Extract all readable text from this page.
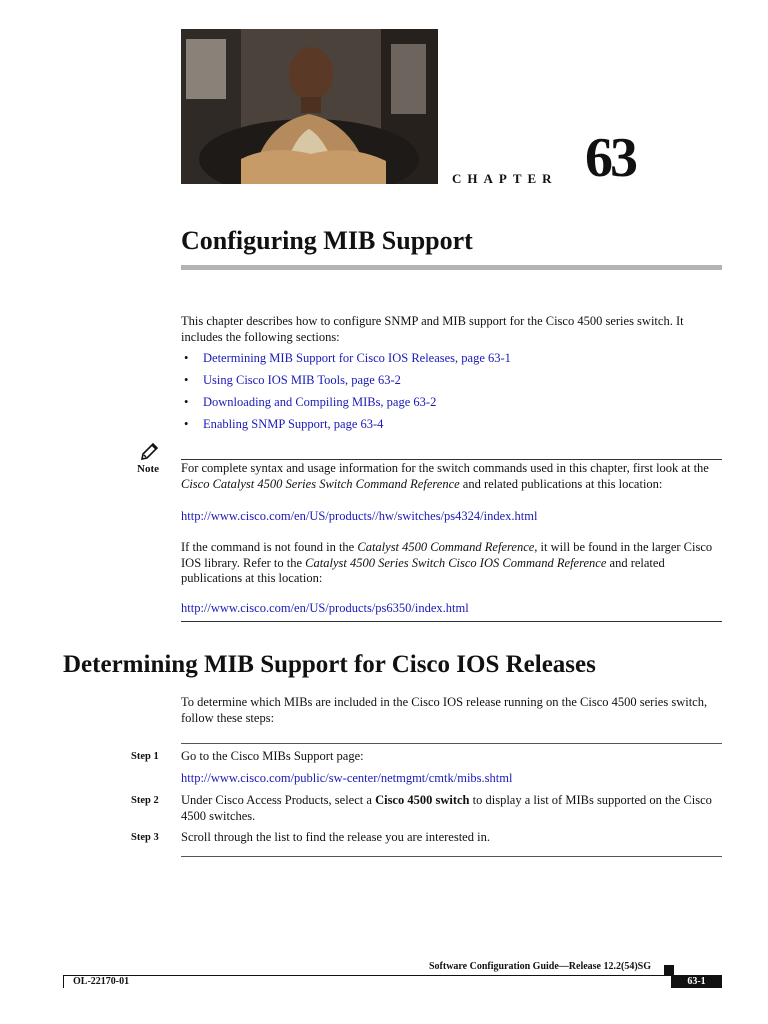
CHAPTER 63
Configuring MIB Support

This chapter describes how to configure SNMP and MIB support for the Cisco 4500 series switch. It includes the following sections:

• Determining MIB Support for Cisco IOS Releases, page 63-1
• Using Cisco IOS MIB Tools, page 63-2
• Downloading and Compiling MIBs, page 63-2
• Enabling SNMP Support, page 63-4
Note For complete syntax and usage information for the switch commands used in this chapter, first look at the Cisco Catalyst 4500 Series Switch Command Reference and related publications at this location:

http://www.cisco.com/en/US/products//hw/switches/ps4324/index.html

If the command is not found in the Catalyst 4500 Command Reference, it will be found in the larger Cisco IOS library. Refer to the Catalyst 4500 Series Switch Cisco IOS Command Reference and related publications at this location:

http://www.cisco.com/en/US/products/ps6350/index.html

Determining MIB Support for Cisco IOS Releases

To determine which MIBs are included in the Cisco IOS release running on the Cisco 4500 series switch, follow these steps:

Step 1 Go to the Cisco MIBs Support page:

http://www.cisco.com/public/sw-center/netmgmt/cmtk/mibs.shtml

Step 2 Under Cisco Access Products, select a Cisco 4500 switch to display a list of MIBs supported on the Cisco 4500 switches.

Step 3 Scroll through the list to find the release you are interested in.

Software Configuration Guide—Release 12.2(54)SG
OL-22170-01	63-1
